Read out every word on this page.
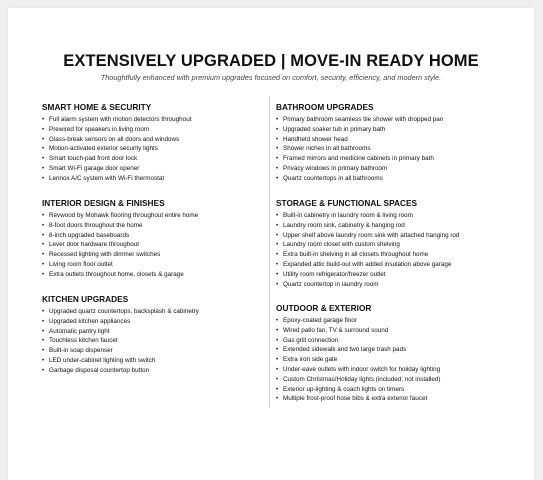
EXTENSIVELY UPGRADED | MOVE-IN READY HOME

Thoughtfully enhanced with premium upgrades focused on comfort, security, efficiency, and modern style.

SMART HOME & SECURITY
• Full alarm system with motion detectors throughout
• Prewired for speakers in living room
• Glass-break sensors on all doors and windows
• Motion-activated exterior security lights
• Smart touch-pad front door lock
• Smart Wi-Fi garage door opener
• Lennox A/C system with Wi-Fi thermostat
INTERIOR DESIGN & FINISHES
• Revwood by Mohawk flooring throughout entire home
• 8-foot doors throughout the home
• 6-inch upgraded baseboards
• Lever door hardware throughout
• Recessed lighting with dimmer switches
• Living room floor outlet
• Extra outlets throughout home, closets & garage
KITCHEN UPGRADES
• Upgraded quartz countertops, backsplash & cabinetry
• Upgraded kitchen appliances
• Automatic pantry light
• Touchless kitchen faucet
• Built-in soap dispenser
• LED under-cabinet lighting with switch
• Garbage disposal countertop button
BATHROOM UPGRADES
• Primary bathroom seamless tile shower with dropped pan
• Upgraded soaker tub in primary bath
• Handheld shower head
• Shower niches in all bathrooms
• Framed mirrors and medicine cabinets in primary bath
• Privacy windows in primary bathroom
• Quartz countertops in all bathrooms
STORAGE & FUNCTIONAL SPACES
• Built-in cabinetry in laundry room & living room
• Laundry room sink, cabinetry & hanging rod
• Upper shelf above laundry room sink with attached hanging rod
• Laundry room closet with custom shelving
• Extra built-in shelving in all closets throughout home
• Expanded attic build-out with added insulation above garage
• Utility room refrigerator/freezer outlet
• Quartz countertop in laundry room
OUTDOOR & EXTERIOR
• Epoxy-coated garage floor
• Wired patio fan, TV & surround sound
• Gas grill connection
• Extended sidewalk and two large trash pads
• Extra iron side gate
• Under-eave outlets with indoor switch for holiday lighting
• Custom Christmas/Holiday lights (included; not installed)
• Exterior up-lighting & coach lights on timers
• Multiple frost-proof hose bibs & extra exterior faucet
